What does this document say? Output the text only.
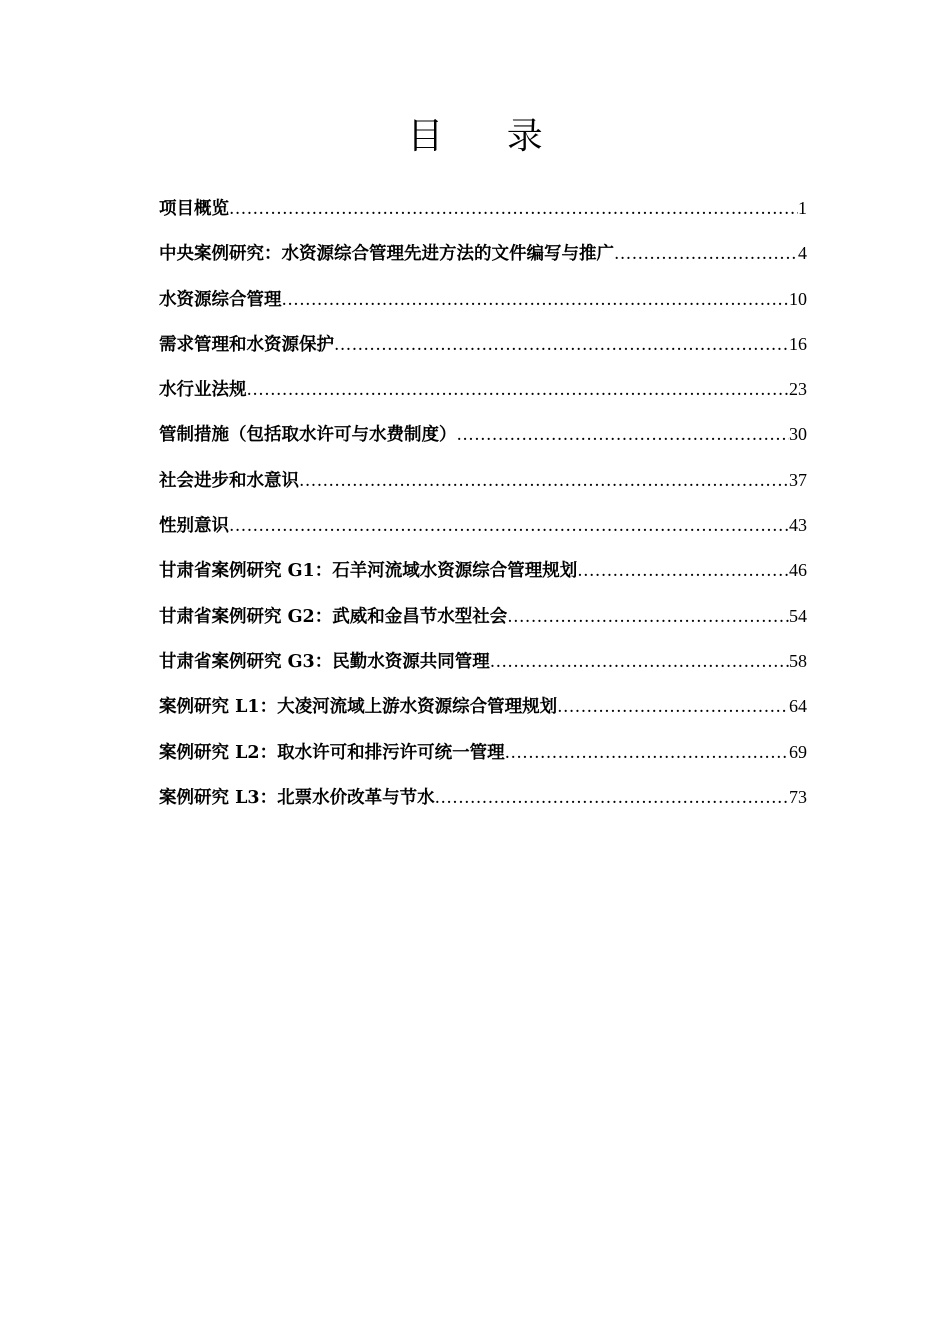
目 录
项目概览 .....	1
中央案例研究：水资源综合管理先进方法的文件编写与推广 .....	4
水资源综合管理 .....	10
需求管理和水资源保护 .....	16
水行业法规 .....	23
管制措施（包括取水许可与水费制度） .....	30
社会进步和水意识 .....	37
性别意识 .....	43
甘肃省案例研究 G1：石羊河流域水资源综合管理规划 .....	46
甘肃省案例研究 G2：武威和金昌节水型社会 .....	54
甘肃省案例研究 G3：民勤水资源共同管理 .....	58
案例研究 L1：大凌河流域上游水资源综合管理规划 .....	64
案例研究 L2：取水许可和排污许可统一管理 .....	69
案例研究 L3：北票水价改革与节水 .....	73
